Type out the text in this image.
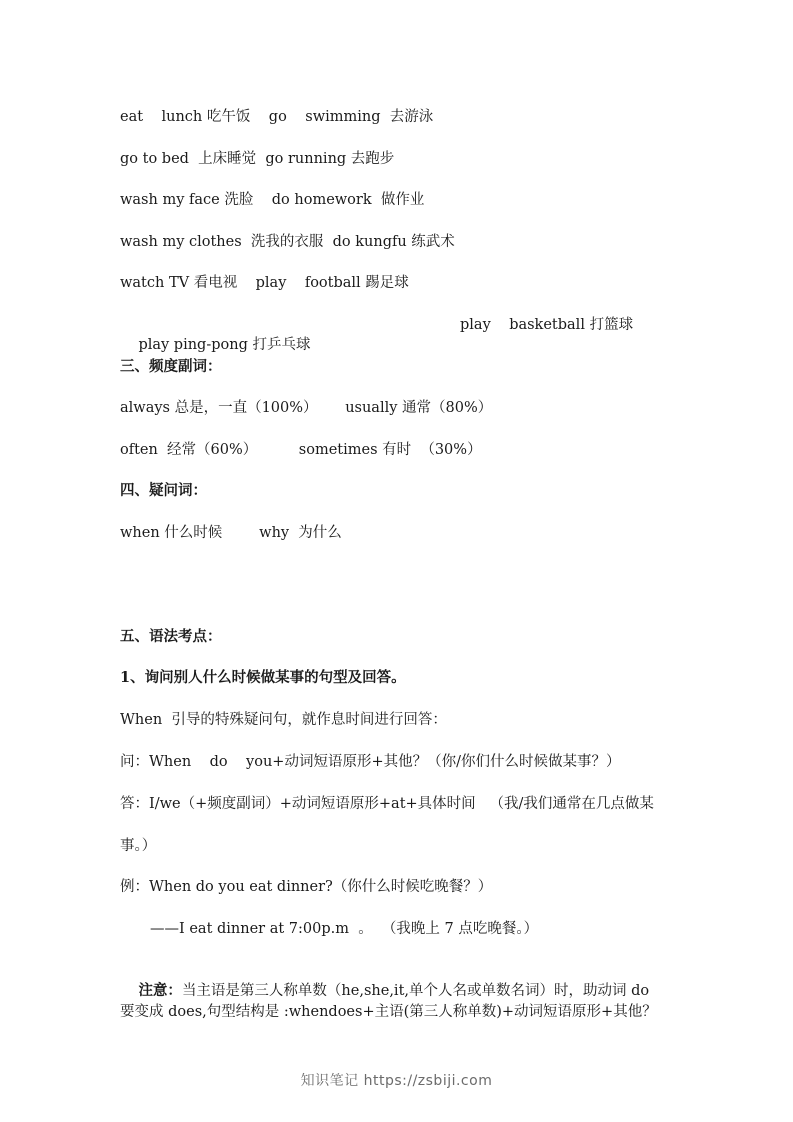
eat    lunch 吃午饭    go    swimming  去游泳
go to bed  上床睡觉  go running 去跑步
wash my face 洗脸    do homework  做作业
wash my clothes  洗我的衣服  do kungfu 练武术
watch TV 看电视    play    football 踢足球

play ping-pong 打乒乓球

play    basketball 打篮球

三、频度副词：
always 总是，一直（100%）      usually 通常（80%）
often  经常（60%）         sometimes 有时  （30%）
四、疑问词：
when 什么时候        why  为什么
五、语法考点：
1、询问别人什么时候做某事的句型及回答。
When  引导的特殊疑问句，就作息时间进行回答：
问：When    do    you+动词短语原形+其他？（你/你们什么时候做某事？）
答：I/we（+频度副词）+动词短语原形+at+具体时间   （我/我们通常在几点做某
事。）
例：When do you eat dinner?（你什么时候吃晚餐？）
——I eat dinner at 7:00p.m  。  （我晚上 7 点吃晚餐。）

注意：当主语是第三人称单数（he,she,it,单个人名或单数名词）时，助动词 do

要变成 does,句型结构是 :whendoes+主语(第三人称单数)+动词短语原形+其他？
知识笔记 https://zsbiji.com
